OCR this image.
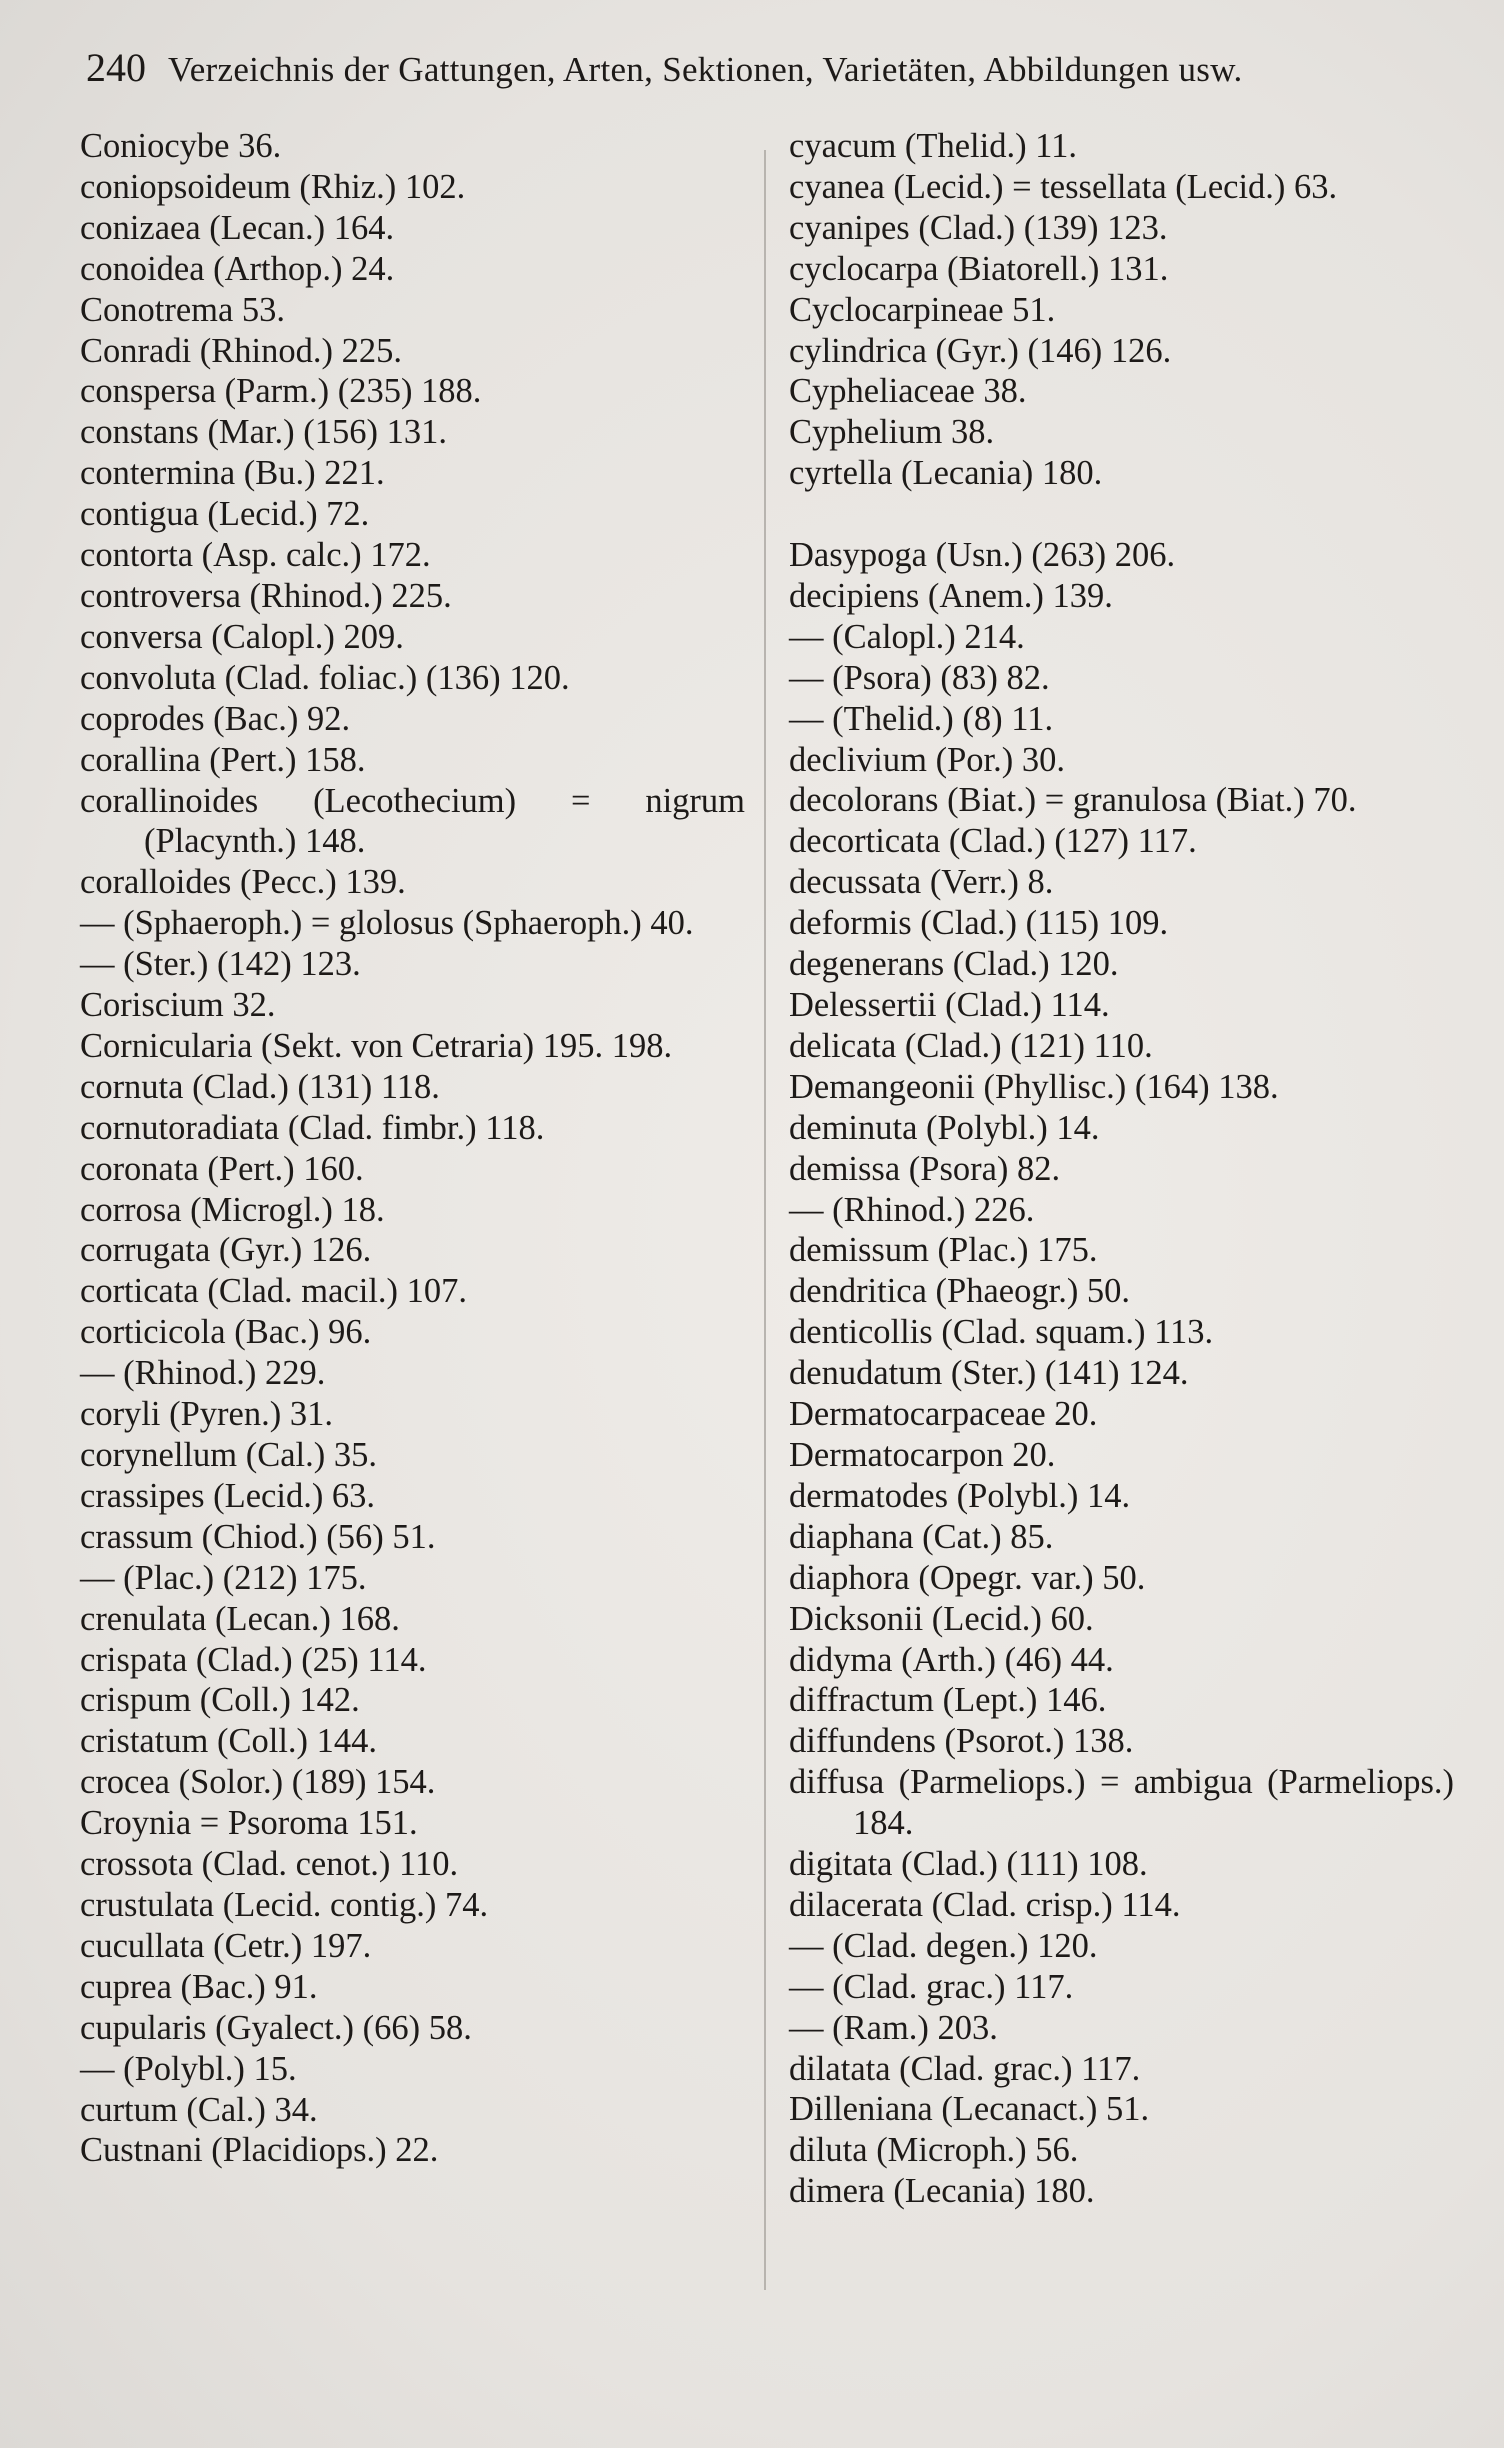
240 Verzeichnis der Gattungen, Arten, Sektionen, Varietäten, Abbildungen usw.
Coniocybe 36.
coniopsoideum (Rhiz.) 102.
conizaea (Lecan.) 164.
conoidea (Arthop.) 24.
Conotrema 53.
Conradi (Rhinod.) 225.
conspersa (Parm.) (235) 188.
constans (Mar.) (156) 131.
contermina (Bu.) 221.
contigua (Lecid.) 72.
contorta (Asp. calc.) 172.
controversa (Rhinod.) 225.
conversa (Calopl.) 209.
convoluta (Clad. foliac.) (136) 120.
coprodes (Bac.) 92.
corallina (Pert.) 158.
corallinoides (Lecothecium) = nigrum (Placynth.) 148.
coralloides (Pecc.) 139.
— (Sphaeroph.) = glolosus (Sphaeroph.) 40.
— (Ster.) (142) 123.
Coriscium 32.
Cornicularia (Sekt. von Cetraria) 195. 198.
cornuta (Clad.) (131) 118.
cornutoradiata (Clad. fimbr.) 118.
coronata (Pert.) 160.
corrosa (Microgl.) 18.
corrugata (Gyr.) 126.
corticata (Clad. macil.) 107.
corticicola (Bac.) 96.
— (Rhinod.) 229.
coryli (Pyren.) 31.
corynellum (Cal.) 35.
crassipes (Lecid.) 63.
crassum (Chiod.) (56) 51.
— (Plac.) (212) 175.
crenulata (Lecan.) 168.
crispata (Clad.) (25) 114.
crispum (Coll.) 142.
cristatum (Coll.) 144.
crocea (Solor.) (189) 154.
Croynia = Psoroma 151.
crossota (Clad. cenot.) 110.
crustulata (Lecid. contig.) 74.
cucullata (Cetr.) 197.
cuprea (Bac.) 91.
cupularis (Gyalect.) (66) 58.
— (Polybl.) 15.
curtum (Cal.) 34.
Custnani (Placidiops.) 22.
cyacum (Thelid.) 11.
cyanea (Lecid.) = tessellata (Lecid.) 63.
cyanipes (Clad.) (139) 123.
cyclocarpa (Biatorell.) 131.
Cyclocarpineae 51.
cylindrica (Gyr.) (146) 126.
Cypheliaceae 38.
Cyphelium 38.
cyrtella (Lecania) 180.
Dasypoga (Usn.) (263) 206.
decipiens (Anem.) 139.
— (Calopl.) 214.
— (Psora) (83) 82.
— (Thelid.) (8) 11.
declivium (Por.) 30.
decolorans (Biat.) = granulosa (Biat.) 70.
decorticata (Clad.) (127) 117.
decussata (Verr.) 8.
deformis (Clad.) (115) 109.
degenerans (Clad.) 120.
Delessertii (Clad.) 114.
delicata (Clad.) (121) 110.
Demangeonii (Phyllisc.) (164) 138.
deminuta (Polybl.) 14.
demissa (Psora) 82.
— (Rhinod.) 226.
demissum (Plac.) 175.
dendritica (Phaeogr.) 50.
denticollis (Clad. squam.) 113.
denudatum (Ster.) (141) 124.
Dermatocarpaceae 20.
Dermatocarpon 20.
dermatodes (Polybl.) 14.
diaphana (Cat.) 85.
diaphora (Opegr. var.) 50.
Dicksonii (Lecid.) 60.
didyma (Arth.) (46) 44.
diffractum (Lept.) 146.
diffundens (Psorot.) 138.
diffusa (Parmeliops.) = ambigua (Parmeliops.) 184.
digitata (Clad.) (111) 108.
dilacerata (Clad. crisp.) 114.
— (Clad. degen.) 120.
— (Clad. grac.) 117.
— (Ram.) 203.
dilatata (Clad. grac.) 117.
Dilleniana (Lecanact.) 51.
diluta (Microph.) 56.
dimera (Lecania) 180.
